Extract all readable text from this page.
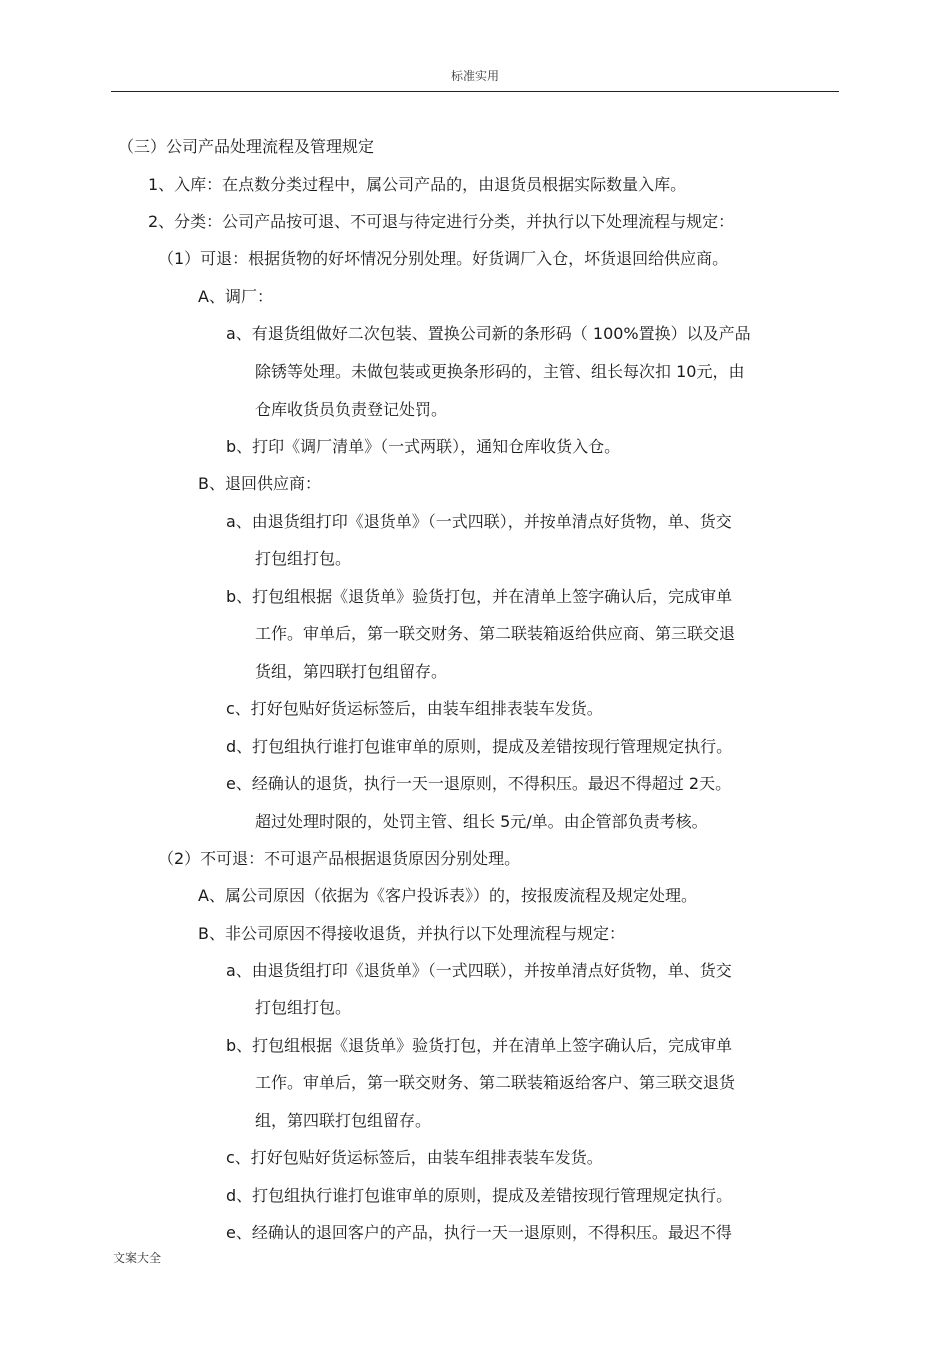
标准实用
（三）公司产品处理流程及管理规定
1、入库：在点数分类过程中，属公司产品的，由退货员根据实际数量入库。
2、分类：公司产品按可退、不可退与待定进行分类，并执行以下处理流程与规定：
（1）可退：根据货物的好坏情况分别处理。好货调厂入仓，坏货退回给供应商。
A、调厂：
a、有退货组做好二次包装、置换公司新的条形码（ 100%置换）以及产品
除锈等处理。未做包装或更换条形码的，主管、组长每次扣 10元，由
仓库收货员负责登记处罚。
b、打印《调厂清单》（一式两联），通知仓库收货入仓。
B、退回供应商：
a、由退货组打印《退货单》（一式四联），并按单清点好货物，单、货交
打包组打包。
b、打包组根据《退货单》验货打包，并在清单上签字确认后，完成审单
工作。审单后，第一联交财务、第二联装箱返给供应商、第三联交退
货组，第四联打包组留存。
c、打好包贴好货运标签后，由装车组排表装车发货。
d、打包组执行谁打包谁审单的原则，提成及差错按现行管理规定执行。
e、经确认的退货，执行一天一退原则，不得积压。最迟不得超过 2天。
超过处理时限的，处罚主管、组长 5元/单。由企管部负责考核。
（2）不可退：不可退产品根据退货原因分别处理。
A、属公司原因（依据为《客户投诉表》）的，按报废流程及规定处理。
B、非公司原因不得接收退货，并执行以下处理流程与规定：
a、由退货组打印《退货单》（一式四联），并按单清点好货物，单、货交
打包组打包。
b、打包组根据《退货单》验货打包，并在清单上签字确认后，完成审单
工作。审单后，第一联交财务、第二联装箱返给客户、第三联交退货
组，第四联打包组留存。
c、打好包贴好货运标签后，由装车组排表装车发货。
d、打包组执行谁打包谁审单的原则，提成及差错按现行管理规定执行。
e、经确认的退回客户的产品，执行一天一退原则，不得积压。最迟不得
文案大全
